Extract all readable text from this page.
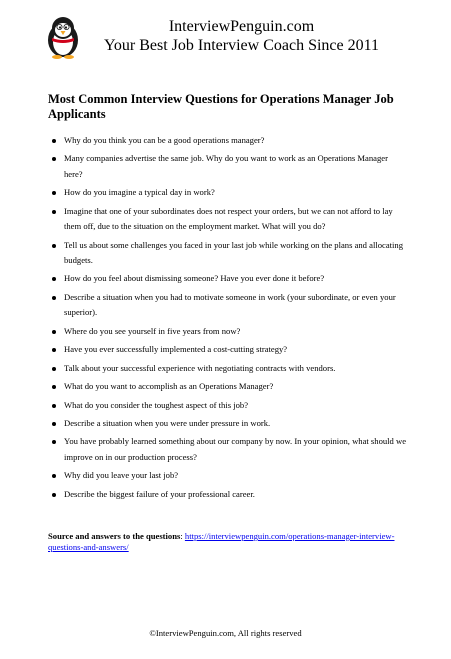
InterviewPenguin.com
Your Best Job Interview Coach Since 2011
Most Common Interview Questions for Operations Manager Job Applicants
Why do you think you can be a good operations manager?
Many companies advertise the same job. Why do you want to work as an Operations Manager here?
How do you imagine a typical day in work?
Imagine that one of your subordinates does not respect your orders, but we can not afford to lay them off, due to the situation on the employment market. What will you do?
Tell us about some challenges you faced in your last job while working on the plans and allocating budgets.
How do you feel about dismissing someone? Have you ever done it before?
Describe a situation when you had to motivate someone in work (your subordinate, or even your superior).
Where do you see yourself in five years from now?
Have you ever successfully implemented a cost-cutting strategy?
Talk about your successful experience with negotiating contracts with vendors.
What do you want to accomplish as an Operations Manager?
What do you consider the toughest aspect of this job?
Describe a situation when you were under pressure in work.
You have probably learned something about our company by now. In your opinion, what should we improve on in our production process?
Why did you leave your last job?
Describe the biggest failure of your professional career.
Source and answers to the questions: https://interviewpenguin.com/operations-manager-interview-questions-and-answers/
©InterviewPenguin.com, All rights reserved
